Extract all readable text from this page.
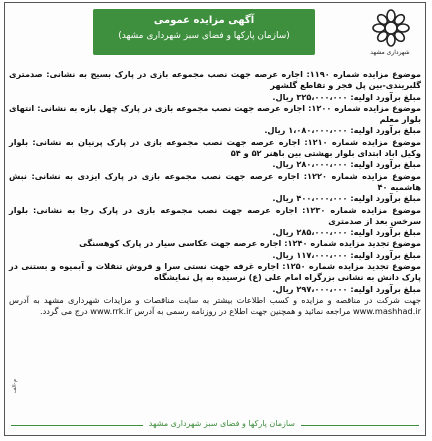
آگهی مزایده عمومی
(سازمان پارکها و فضای سبز شهرداری مشهد)
شهرداری مشهد

موضوع مزایده شماره ۱۱۹۰: اجاره عرصه جهت نصب مجموعه بازی در پارک بسیج به نشانی: صدمتری گلبریندی-بین پل فجر و تقاطع گلشهر

مبلغ برآورد اولیه: ۳۲۵،۰۰۰،۰۰۰ ریال.

موضوع مزایده شماره ۱۲۰۰: اجاره عرصه جهت نصب مجموعه بازی در پارک چهل بازه به نشانی: انتهای بلوار معلم

مبلغ برآورد اولیه: ۱،۰۸۰،۰۰۰،۰۰۰ ریال.

موضوع مزایده شماره ۱۲۱۰: اجاره عرصه جهت نصب مجموعه بازی در پارک پرنیان به نشانی: بلوار وکیل اباد ابتدای بلوار بهشتی بین باهنر ۵۲ و ۵۴

مبلغ برآورد اولیه: ۲۸۰،۰۰۰،۰۰۰ ریال.

موضوع مزایده شماره ۱۲۲۰: اجاره عرصه جهت نصب مجموعه بازی در پارک ایزدی به نشانی: نبش هاشمیه ۴۰

مبلغ برآورد اولیه: ۴۰۰،۰۰۰،۰۰۰ ریال.

موضوع مزایده شماره ۱۲۳۰: اجاره عرصه جهت نصب مجموعه بازی در پارک رجا به نشانی: بلوار سرخس بعد از صدمتری

مبلغ برآورد اولیه: ۲۸۵،۰۰۰،۰۰۰ ریال.

موضوع تجدید مزایده شماره ۱۲۴۰: اجاره عرصه جهت عکاسی سیار در پارک کوهسنگی

مبلغ برآورد اولیه: ۱۱۷،۰۰۰،۰۰۰ ریال.

موضوع تجدید مزایده شماره ۱۲۵۰: اجاره غرفه جهت نستی سرا و فروش تنقلات و آبمیوه و بستنی در پارک دانش به نشانی بزرگراه امام علی (ع) نرسیده به پل نمایشگاه

مبلغ برآورد اولیه: ۲۹۷،۰۰۰،۰۰۰ ریال.

جهت شرکت در مناقصه و مزایده و کسب اطلاعات بیشتر به سایت مناقصات و مزایدات شهرداری مشهد به آدرس www.mashhad.ir مراجعه نمائید و همچنین جهت اطلاع در روزنامه رسمی به آدرس www.rrk.ir درج می گردد.

سازمان پارکها و فضای سبز شهرداری مشهد
م-الف
